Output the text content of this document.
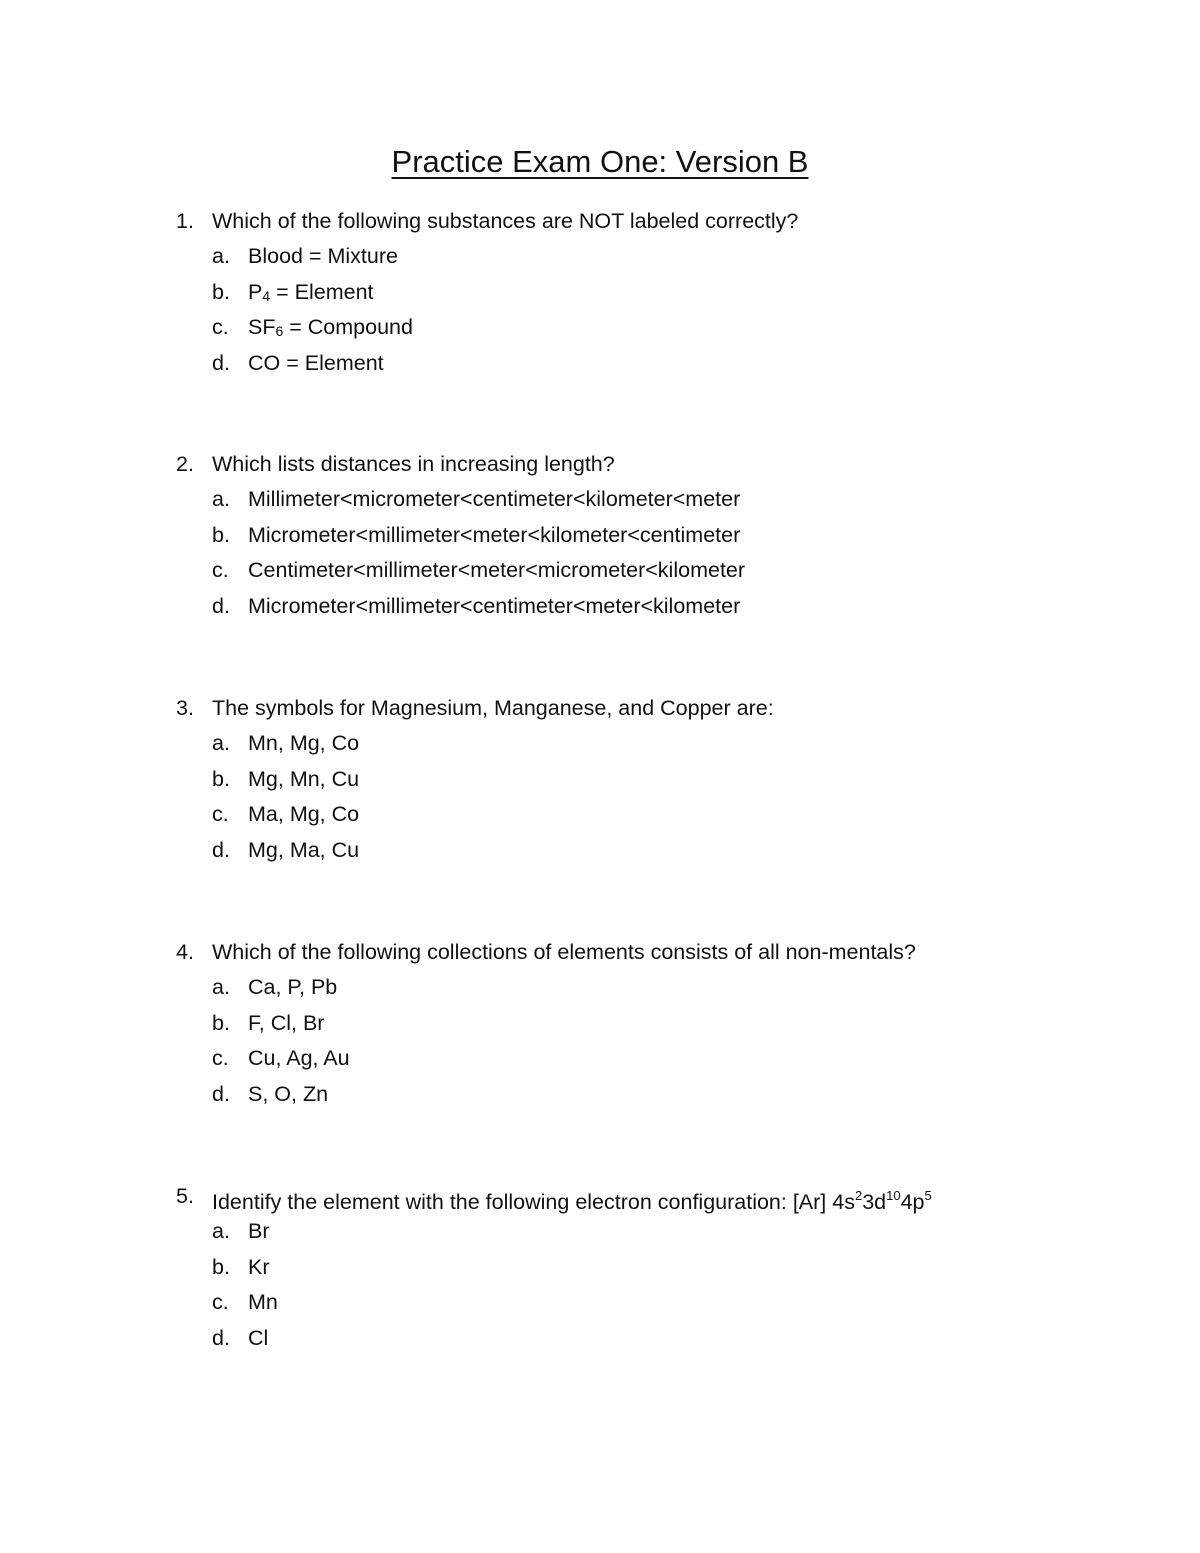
Practice Exam One: Version B
1. Which of the following substances are NOT labeled correctly?
a. Blood = Mixture
b. P4 = Element
c. SF6 = Compound
d. CO = Element
2. Which lists distances in increasing length?
a. Millimeter<micrometer<centimeter<kilometer<meter
b. Micrometer<millimeter<meter<kilometer<centimeter
c. Centimeter<millimeter<meter<micrometer<kilometer
d. Micrometer<millimeter<centimeter<meter<kilometer
3. The symbols for Magnesium, Manganese, and Copper are:
a. Mn, Mg, Co
b. Mg, Mn, Cu
c. Ma, Mg, Co
d. Mg, Ma, Cu
4. Which of the following collections of elements consists of all non-mentals?
a. Ca, P, Pb
b. F, Cl, Br
c. Cu, Ag, Au
d. S, O, Zn
5. Identify the element with the following electron configuration: [Ar] $4s^23d^{10}4p^5$
a. Br
b. Kr
c. Mn
d. Cl
